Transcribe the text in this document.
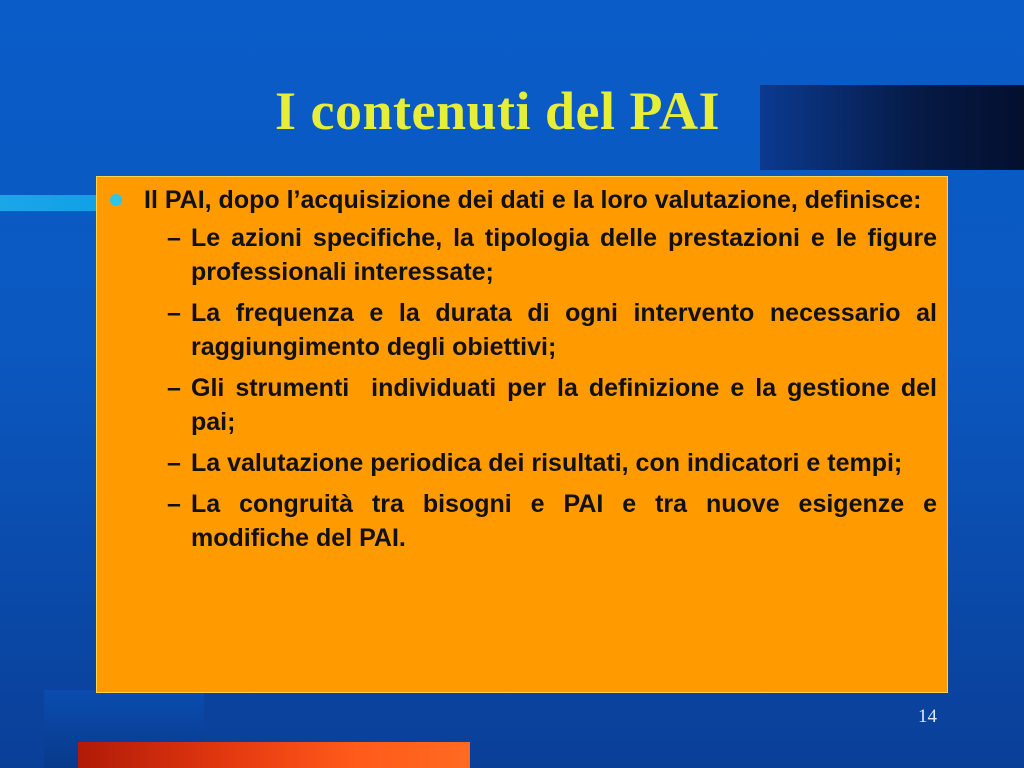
I contenuti del PAI
Il PAI, dopo l’acquisizione dei dati e la loro valutazione, definisce:
– Le azioni specifiche, la tipologia delle prestazioni e le figure professionali interessate;
– La frequenza e la durata di ogni intervento necessario al raggiungimento degli obiettivi;
– Gli strumenti  individuati per la definizione e la gestione del pai;
– La valutazione periodica dei risultati, con indicatori e tempi;
– La congruità tra bisogni e PAI e tra nuove esigenze e modifiche del PAI.
14
